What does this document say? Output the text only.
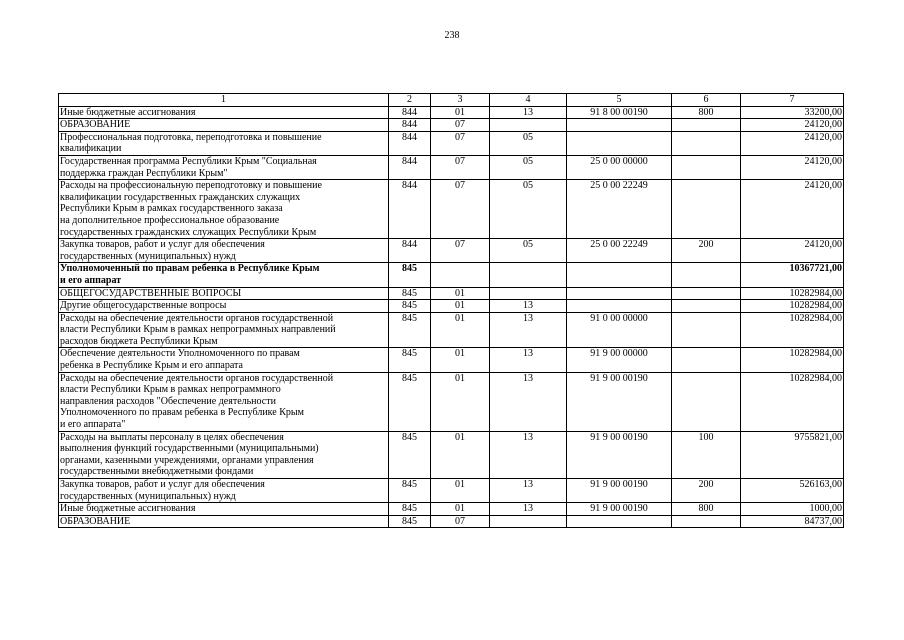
238
1	2	3	4	5	6	7
Иные бюджетные ассигнования	844	01	13	91 8 00 00190	800	33200,00
ОБРАЗОВАНИЕ	844	07				24120,00
Профессиональная подготовка, переподготовка и повышение
квалификации	844	07	05			24120,00
Государственная программа Республики Крым "Социальная
поддержка граждан Республики Крым"	844	07	05	25 0 00 00000		24120,00
Расходы на профессиональную переподготовку и повышение
квалификации государственных гражданских служащих
Республики Крым в рамках государственного заказа
на дополнительное профессиональное образование
государственных гражданских служащих Республики Крым	844	07	05	25 0 00 22249		24120,00
Закупка товаров, работ и услуг для обеспечения
государственных (муниципальных) нужд	844	07	05	25 0 00 22249	200	24120,00
Уполномоченный по правам ребенка в Республике Крым
и его аппарат	845					10367721,00
ОБЩЕГОСУДАРСТВЕННЫЕ ВОПРОСЫ	845	01				10282984,00
Другие общегосударственные вопросы	845	01	13			10282984,00
Расходы на обеспечение деятельности органов государственной
власти Республики Крым в рамках непрограммных направлений
расходов бюджета Республики Крым	845	01	13	91 0 00 00000		10282984,00
Обеспечение деятельности Уполномоченного по правам
ребенка в Республике Крым и его аппарата	845	01	13	91 9 00 00000		10282984,00
Расходы на обеспечение деятельности органов государственной
власти Республики Крым в рамках непрограммного
направления расходов "Обеспечение деятельности
Уполномоченного по правам ребенка в Республике Крым
и его аппарата"	845	01	13	91 9 00 00190		10282984,00
Расходы на выплаты персоналу в целях обеспечения
выполнения функций государственными (муниципальными)
органами, казенными учреждениями, органами управления
государственными внебюджетными фондами	845	01	13	91 9 00 00190	100	9755821,00
Закупка товаров, работ и услуг для обеспечения
государственных (муниципальных) нужд	845	01	13	91 9 00 00190	200	526163,00
Иные бюджетные ассигнования	845	01	13	91 9 00 00190	800	1000,00
ОБРАЗОВАНИЕ	845	07				84737,00
